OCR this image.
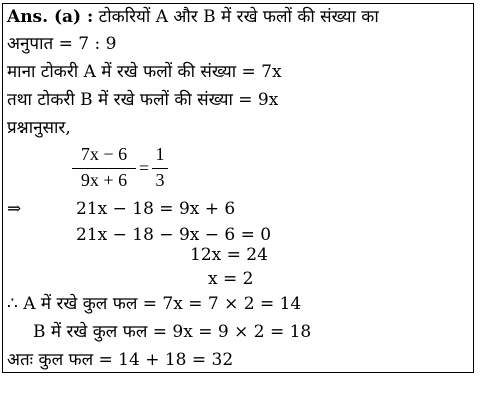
Ans. (a) : टोकरियों A और B में रखे फलों की संख्या का
अनुपात = 7 : 9
माना टोकरी A में रखे फलों की संख्या = 7x
तथा टोकरी B में रखे फलों की संख्या = 9x
प्रश्नानुसार,
7x − 6
9x + 6
=
1
3
⇒	21x − 18 = 9x + 6
21x − 18 − 9x − 6 = 0
12x = 24
x = 2
∴ A में रखे कुल फल = 7x = 7 × 2 = 14
B में रखे कुल फल = 9x = 9 × 2 = 18
अतः कुल फल = 14 + 18 = 32
